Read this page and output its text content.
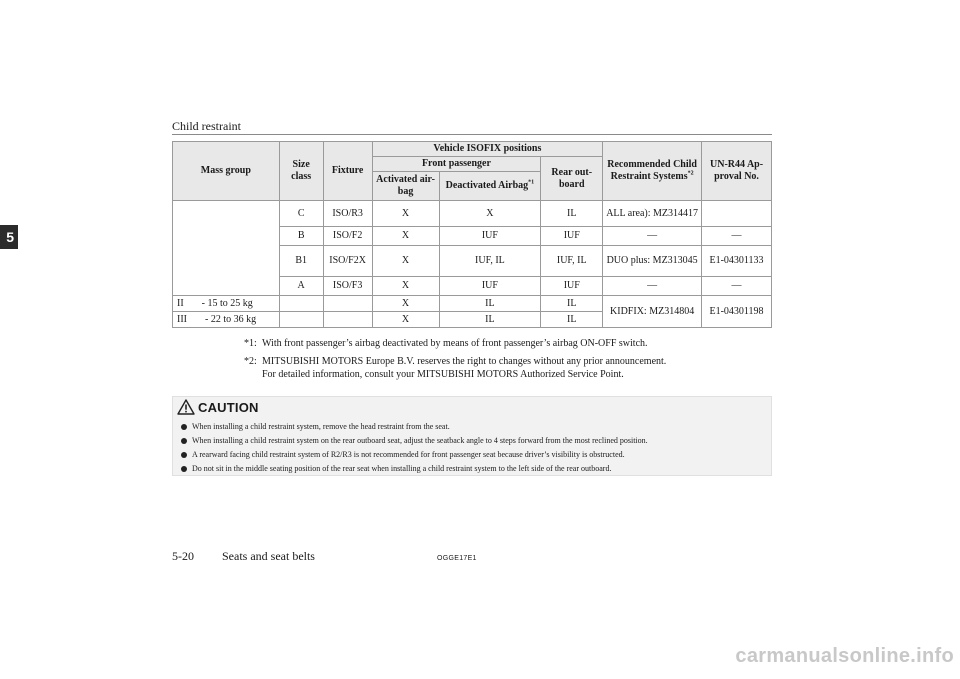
Child restraint
5
Mass group	Size class	Fixture	Vehicle ISOFIX positions			Recommended Child Restraint Systems$^{*2}$	UN-R44 Ap-proval No.
			Front passenger		Rear out-board		
			Activated air-bag	Deactivated Airbag$^{*1}$
	C	ISO/R3	X	X	IL	ALL area): MZ314417	
	B	ISO/F2	X	IUF	IUF	—	—
	B1	ISO/F2X	X	IUF, IL	IUF, IL	DUO plus: MZ313045	E1-04301133
	A	ISO/F3	X	IUF	IUF	—	—
II - 15 to 25 kg			X	IL	IL	KIDFIX: MZ314804	E1-04301198
III - 22 to 36 kg			X	IL	IL		
*1: With front passenger’s airbag deactivated by means of front passenger’s airbag ON-OFF switch.
*2: MITSUBISHI MOTORS Europe B.V. reserves the right to changes without any prior announcement.
For detailed information, consult your MITSUBISHI MOTORS Authorized Service Point.
CAUTION
When installing a child restraint system, remove the head restraint from the seat.
When installing a child restraint system on the rear outboard seat, adjust the seatback angle to 4 steps forward from the most reclined position.
A rearward facing child restraint system of R2/R3 is not recommended for front passenger seat because driver’s visibility is obstructed.
Do not sit in the middle seating position of the rear seat when installing a child restraint system to the left side of the rear outboard.
5-20 Seats and seat belts	OGGE17E1
carmanualsonline.info
